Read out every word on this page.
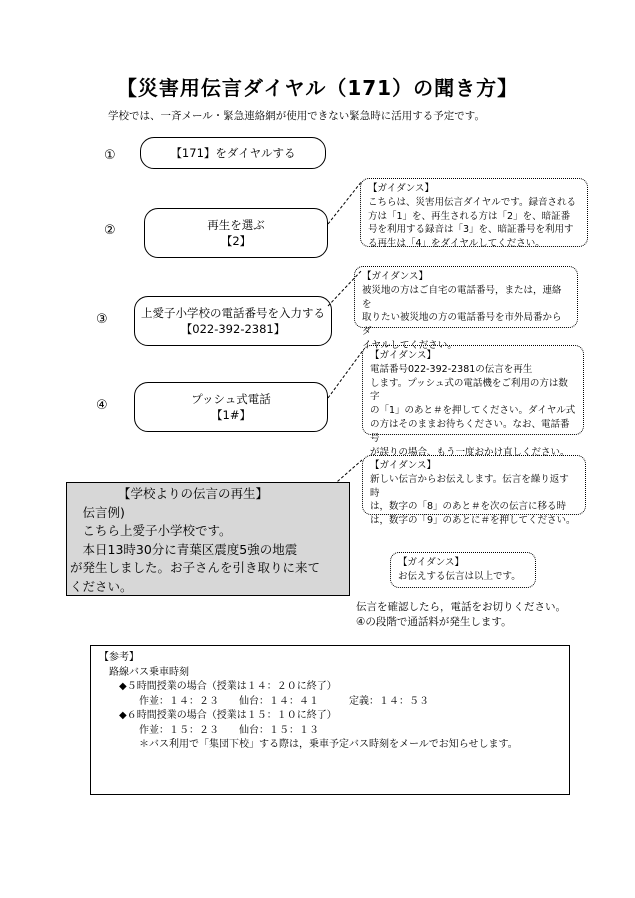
【災害用伝言ダイヤル（171）の聞き方】
学校では、一斉メール・緊急連絡網が使用できない緊急時に活用する予定です。
①	【171】をダイヤルする
②	再生を選ぶ
【2】
③	上愛子小学校の電話番号を入力する
【022-392-2381】
④	プッシュ式電話
【1#】
【ガイダンス】
こちらは、災害用伝言ダイヤルです。録音される
方は「1」を、再生される方は「2」を、暗証番
号を利用する録音は「3」を、暗証番号を利用す
る再生は「4」をダイヤルしてください。
【ガイダンス】
被災地の方はご自宅の電話番号，または，連絡を
取りたい被災地の方の電話番号を市外局番からダ
イヤルしてください。
【ガイダンス】
電話番号022-392-2381の伝言を再生
します。プッシュ式の電話機をご利用の方は数字
の「1」のあと＃を押してください。ダイヤル式
の方はそのままお待ちください。なお、電話番号
が誤りの場合、もう一度おかけ直しください。
【ガイダンス】
新しい伝言からお伝えします。伝言を繰り返す時
は，数字の「8」のあと＃を次の伝言に移る時
は，数字の「9」のあとに＃を押してください。
【ガイダンス】
お伝えする伝言は以上です。
【学校よりの伝言の再生】
　伝言例)
　こちら上愛子小学校です。
　本日13時30分に青葉区震度5強の地震
が発生しました。お子さんを引き取りに来て
ください。
伝言を確認したら，電話をお切りください。
④の段階で通話料が発生します。
【参考】
　路線バス乗車時刻
　　◆５時間授業の場合（授業は１４：２０に終了）
　　　　作並：１４：２３　　仙台：１４：４１　　　定義：１４：５３
　　◆６時間授業の場合（授業は１５：１０に終了）
　　　　作並：１５：２３　　仙台：１５：１３
　　　　＊バス利用で「集団下校」する際は，乗車予定バス時刻をメールでお知らせします。
